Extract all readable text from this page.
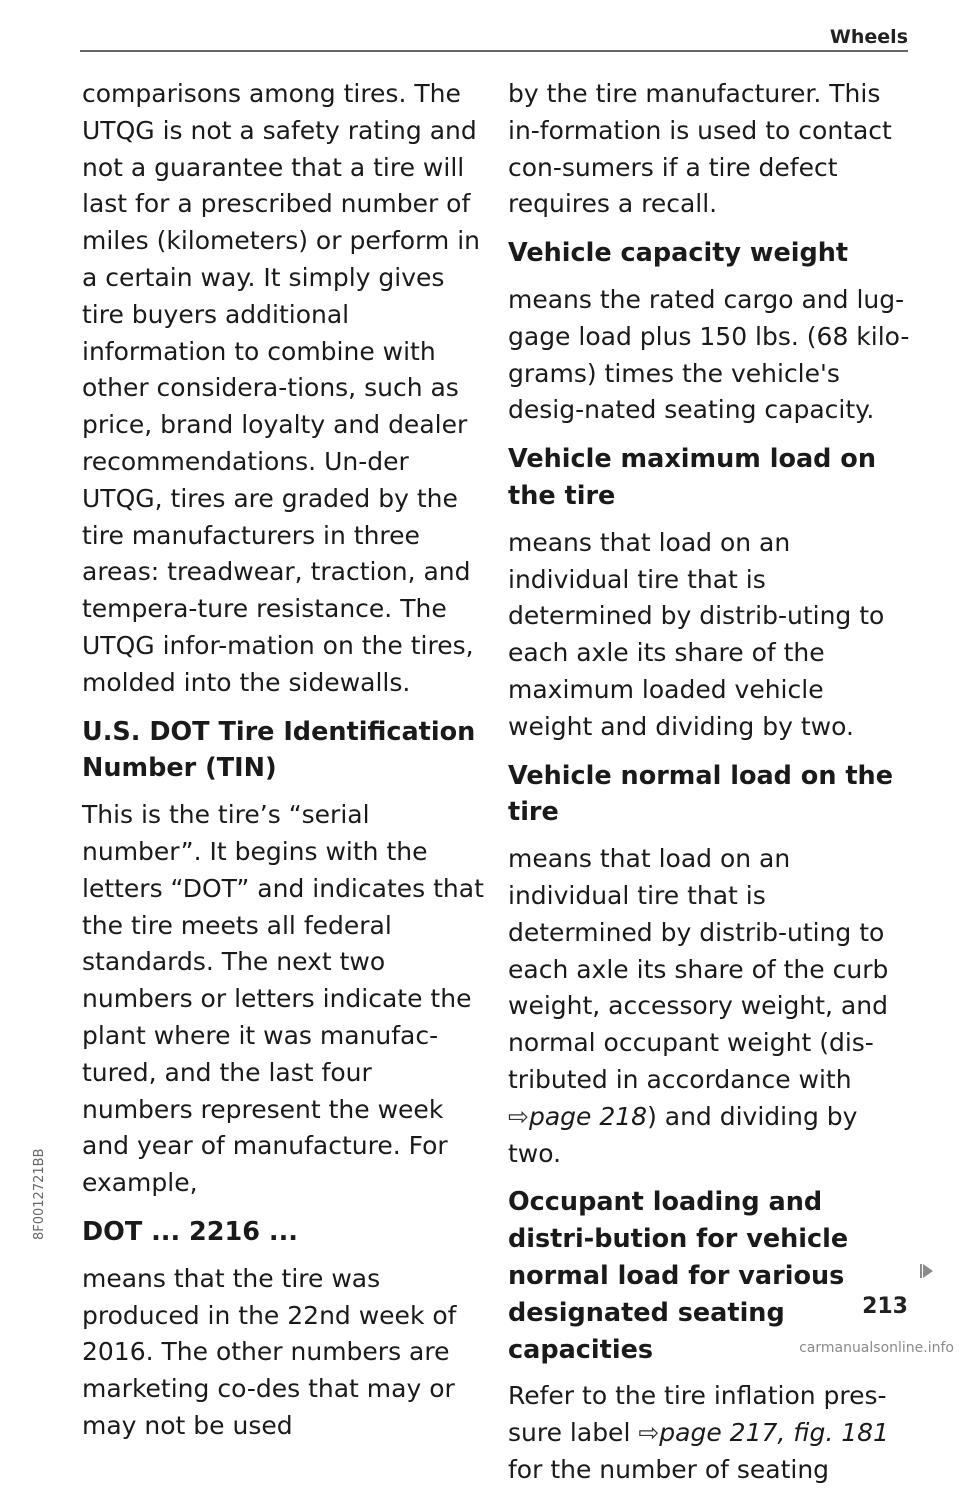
Wheels

comparisons among tires. The UTQG is not a safety rating and not a guarantee that a tire will last for a prescribed number of miles (kilometers) or perform in a certain way. It simply gives tire buyers additional information to combine with other considera-tions, such as price, brand loyalty and dealer recommendations. Un-der UTQG, tires are graded by the tire manufacturers in three areas: treadwear, traction, and tempera-ture resistance. The UTQG infor-mation on the tires, molded into the sidewalls.

U.S. DOT Tire Identification Number (TIN)

This is the tire’s “serial number”. It begins with the letters “DOT” and indicates that the tire meets all federal standards. The next two numbers or letters indicate the plant where it was manufac-tured, and the last four numbers represent the week and year of manufacture. For example,

DOT ... 2216 ...

means that the tire was produced in the 22nd week of 2016. The other numbers are marketing co-des that may or may not be used

by the tire manufacturer. This in-formation is used to contact con-sumers if a tire defect requires a recall.

Vehicle capacity weight

means the rated cargo and lug-gage load plus 150 lbs. (68 kilo-grams) times the vehicle's desig-nated seating capacity.

Vehicle maximum load on the tire

means that load on an individual tire that is determined by distrib-uting to each axle its share of the maximum loaded vehicle weight and dividing by two.

Vehicle normal load on the tire

means that load on an individual tire that is determined by distrib-uting to each axle its share of the curb weight, accessory weight, and normal occupant weight (dis-tributed in accordance with ⇨page 218) and dividing by two.

Occupant loading and distri-bution for vehicle normal load for various designated seating capacities

Refer to the tire inflation pres-sure label ⇨page 217, fig. 181 for the number of seating

213
8F0012721BB
carmanualsonline.info
